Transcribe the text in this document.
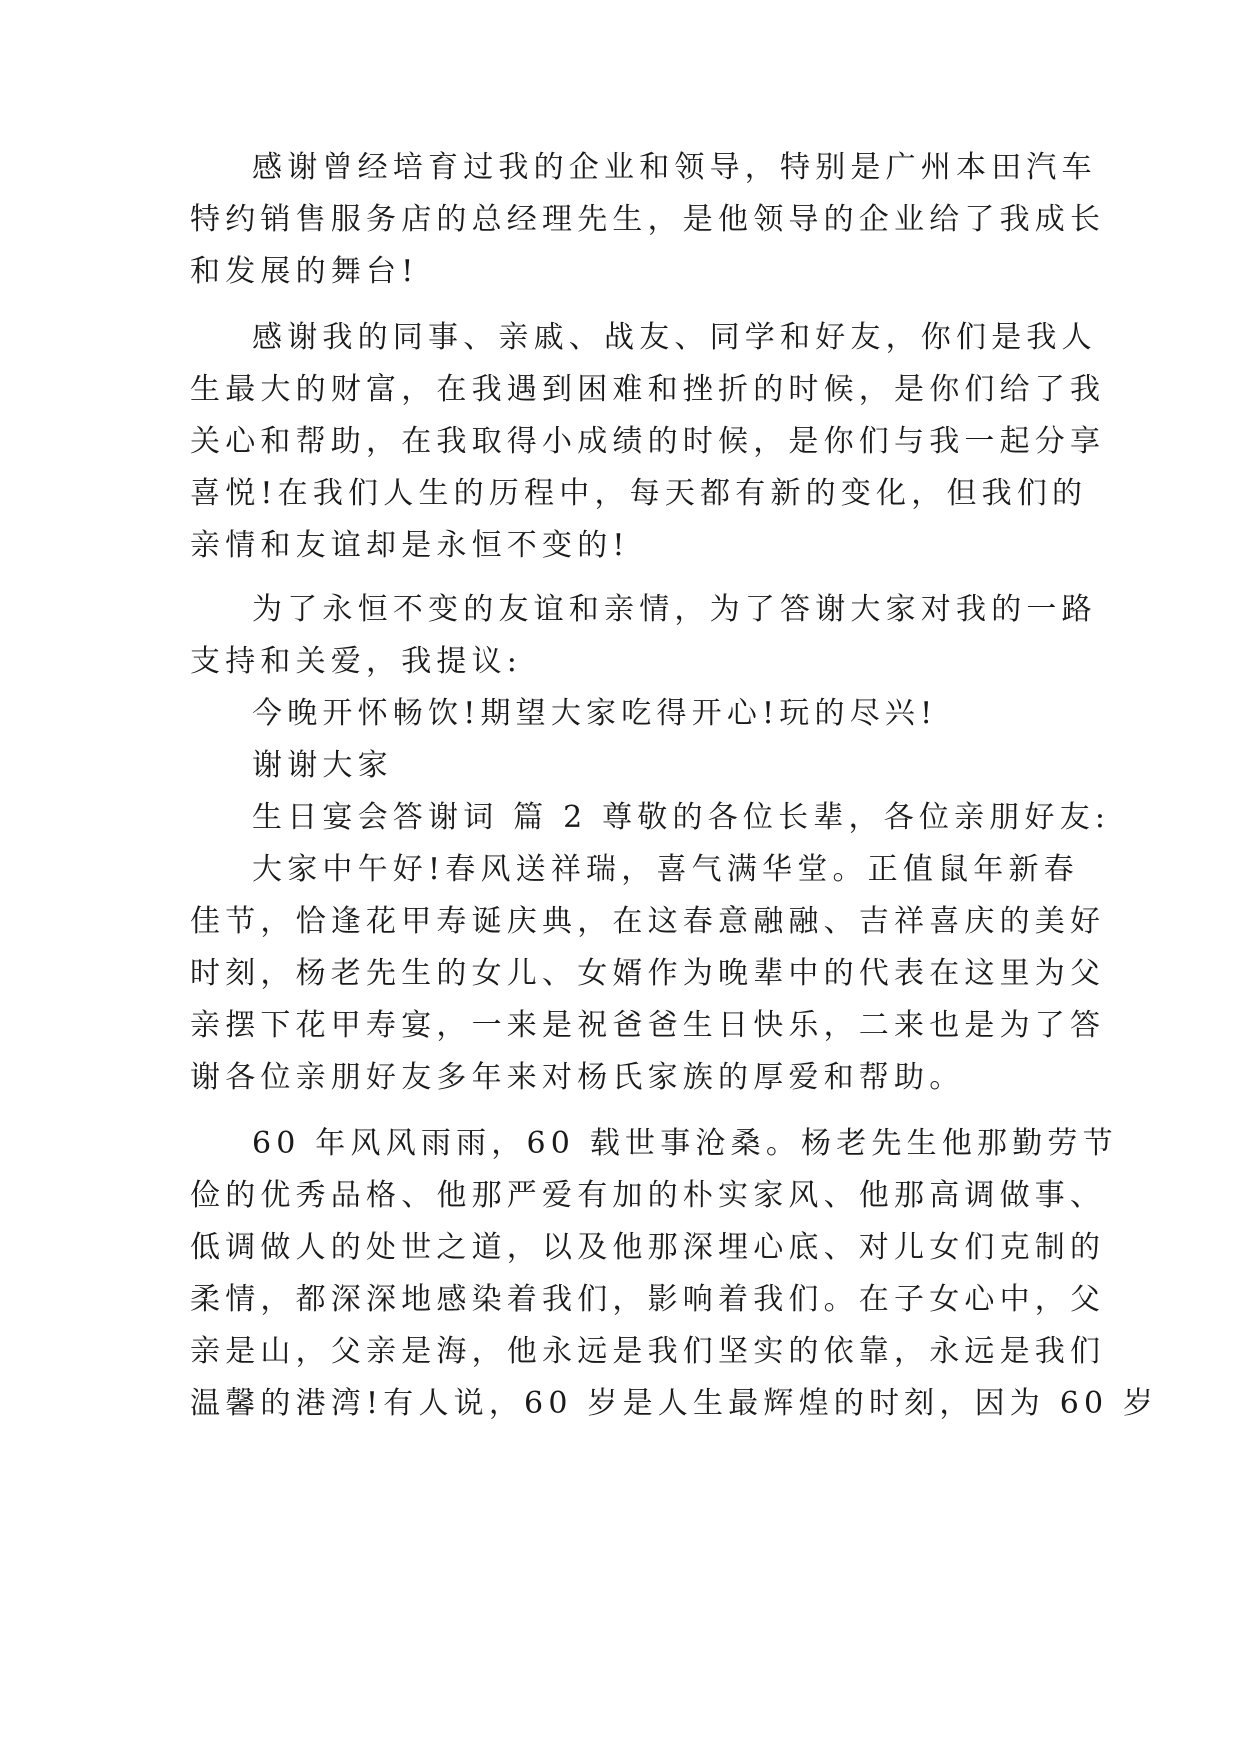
感谢曾经培育过我的企业和领导，特别是广州本田汽车

特约销售服务店的总经理先生，是他领导的企业给了我成长

和发展的舞台!

感谢我的同事、亲戚、战友、同学和好友，你们是我人

生最大的财富，在我遇到困难和挫折的时候，是你们给了我

关心和帮助，在我取得小成绩的时候，是你们与我一起分享

喜悦!在我们人生的历程中，每天都有新的变化，但我们的

亲情和友谊却是永恒不变的!

为了永恒不变的友谊和亲情，为了答谢大家对我的一路

支持和关爱，我提议:

今晚开怀畅饮!期望大家吃得开心!玩的尽兴!

谢谢大家

生日宴会答谢词 篇 2 尊敬的各位长辈，各位亲朋好友:

大家中午好!春风送祥瑞，喜气满华堂。正值鼠年新春

佳节，恰逢花甲寿诞庆典，在这春意融融、吉祥喜庆的美好

时刻，杨老先生的女儿、女婿作为晚辈中的代表在这里为父

亲摆下花甲寿宴，一来是祝爸爸生日快乐，二来也是为了答

谢各位亲朋好友多年来对杨氏家族的厚爱和帮助。

60 年风风雨雨，60 载世事沧桑。杨老先生他那勤劳节

俭的优秀品格、他那严爱有加的朴实家风、他那高调做事、

低调做人的处世之道，以及他那深埋心底、对儿女们克制的

柔情，都深深地感染着我们，影响着我们。在子女心中，父

亲是山，父亲是海，他永远是我们坚实的依靠，永远是我们

温馨的港湾!有人说，60 岁是人生最辉煌的时刻，因为 60 岁
